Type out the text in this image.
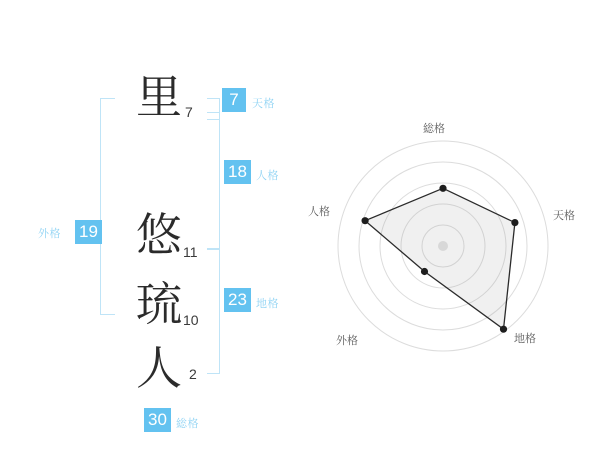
19
外格
里 7
悠 11
琉 10
人 2
7	天格
18 人格
23 地格
30 総格
総格
天格
地格
外格
人格
